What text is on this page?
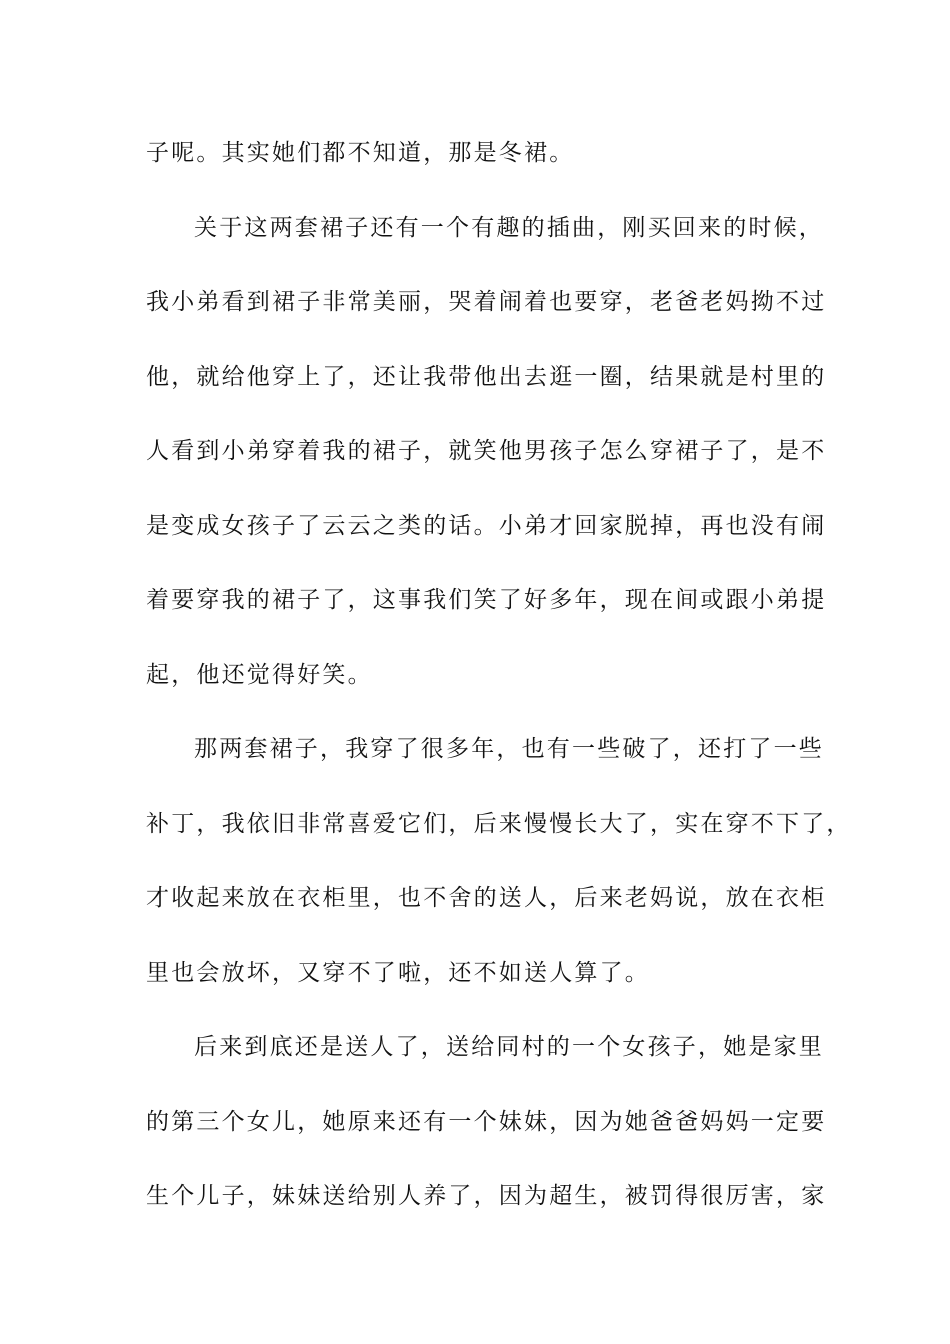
子呢。其实她们都不知道，那是冬裙。
关于这两套裙子还有一个有趣的插曲，刚买回来的时候，
我小弟看到裙子非常美丽，哭着闹着也要穿，老爸老妈拗不过
他，就给他穿上了，还让我带他出去逛一圈，结果就是村里的
人看到小弟穿着我的裙子，就笑他男孩子怎么穿裙子了，是不
是变成女孩子了云云之类的话。小弟才回家脱掉，再也没有闹
着要穿我的裙子了，这事我们笑了好多年，现在间或跟小弟提
起，他还觉得好笑。
那两套裙子，我穿了很多年，也有一些破了，还打了一些
补丁，我依旧非常喜爱它们，后来慢慢长大了，实在穿不下了，
才收起来放在衣柜里，也不舍的送人，后来老妈说，放在衣柜
里也会放坏，又穿不了啦，还不如送人算了。
后来到底还是送人了，送给同村的一个女孩子，她是家里
的第三个女儿，她原来还有一个妹妹，因为她爸爸妈妈一定要
生个儿子，妹妹送给别人养了，因为超生，被罚得很厉害，家
